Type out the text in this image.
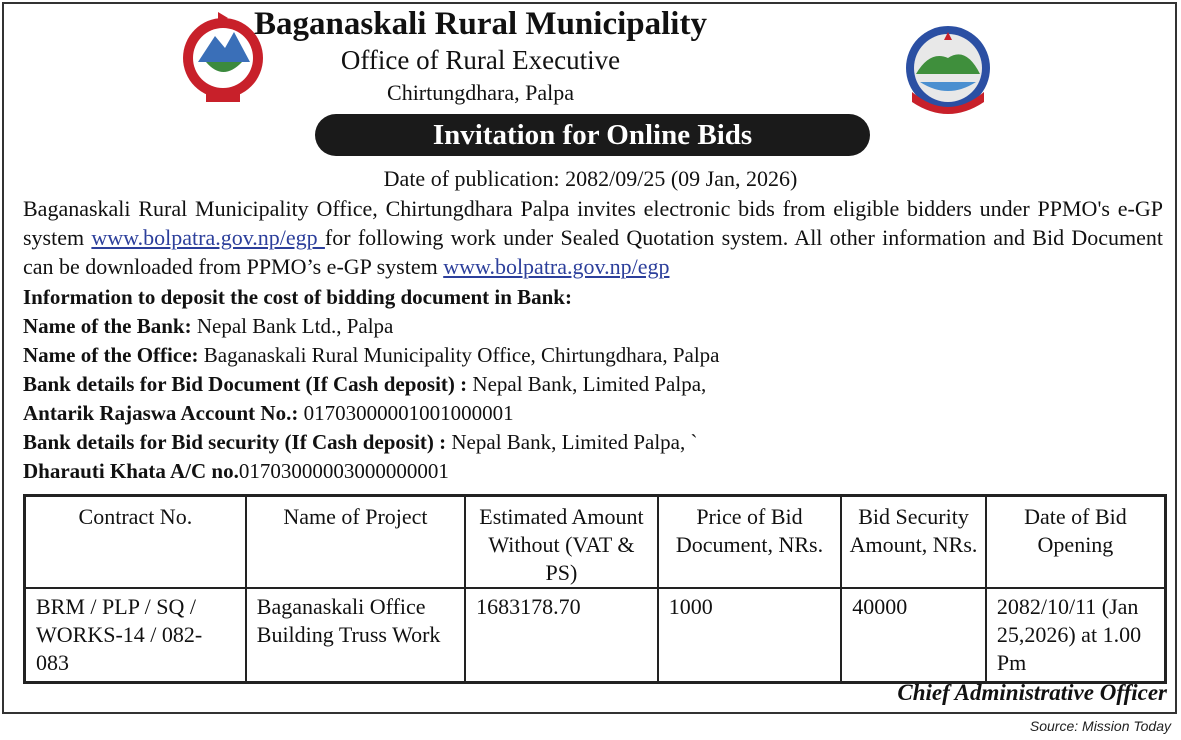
Baganaskali Rural Municipality
Office of Rural Executive
Chirtungdhara, Palpa
Invitation for Online Bids
Date of publication: 2082/09/25 (09 Jan, 2026)
Baganaskali Rural Municipality Office, Chirtungdhara Palpa invites electronic bids from eligible bidders under PPMO's e-GP system www.bolpatra.gov.np/egp for following work under Sealed Quotation system. All other information and Bid Document can be downloaded from PPMO’s e-GP system www.bolpatra.gov.np/egp
Information to deposit the cost of bidding document in Bank:
Name of the Bank: Nepal Bank Ltd., Palpa
Name of the Office: Baganaskali Rural Municipality Office, Chirtungdhara, Palpa
Bank details for Bid Document (If Cash deposit) : Nepal Bank, Limited Palpa,
Antarik Rajaswa Account No.: 01703000001001000001
Bank details for Bid security (If Cash deposit) : Nepal Bank, Limited Palpa, `
Dharauti Khata A/C no.01703000003000000001
Contract No.	Name of Project	Estimated Amount Without (VAT & PS)	Price of Bid Document, NRs.	Bid Security Amount, NRs.	Date of Bid Opening
BRM / PLP / SQ / WORKS-14 / 082-083	Baganaskali Office Building Truss Work	1683178.70	1000	40000	2082/10/11 (Jan 25,2026) at 1.00 Pm
Chief Administrative Officer
Source: Mission Today
